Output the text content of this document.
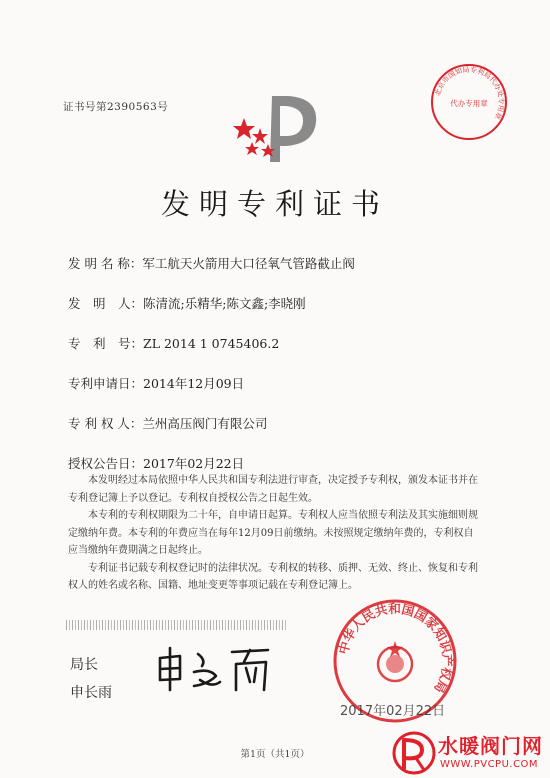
证书号第2390563号
北京市国知局专利局代办处专用章
代办专用章
发明专利证书
发 明 名 称：军工航天火箭用大口径氧气管路截止阀
发　明　人：陈清流;乐精华;陈文鑫;李晓刚
专　利　号：ZL 2014 1 0745406.2
专利申请日：2014年12月09日
专 利 权 人：兰州高压阀门有限公司
授权公告日：2017年02月22日

本发明经过本局依照中华人民共和国专利法进行审查，决定授予专利权，颁发本证书并在专利登记簿上予以登记。专利权自授权公告之日起生效。

本专利的专利权期限为二十年，自申请日起算。专利权人应当依照专利法及其实施细则规定缴纳年费。本专利的年费应当在每年12月09日前缴纳。未按照规定缴纳年费的，专利权自应当缴纳年费期满之日起终止。

专利证书记载专利权登记时的法律状况。专利权的转移、质押、无效、终止、恢复和专利权人的姓名或名称、国籍、地址变更等事项记载在专利登记簿上。

局长
申长雨
中华人民共和国国家知识产权局
2017年02月22日
第1页（共1页）	水暖阀门网
WWW.PVCPU.COM
